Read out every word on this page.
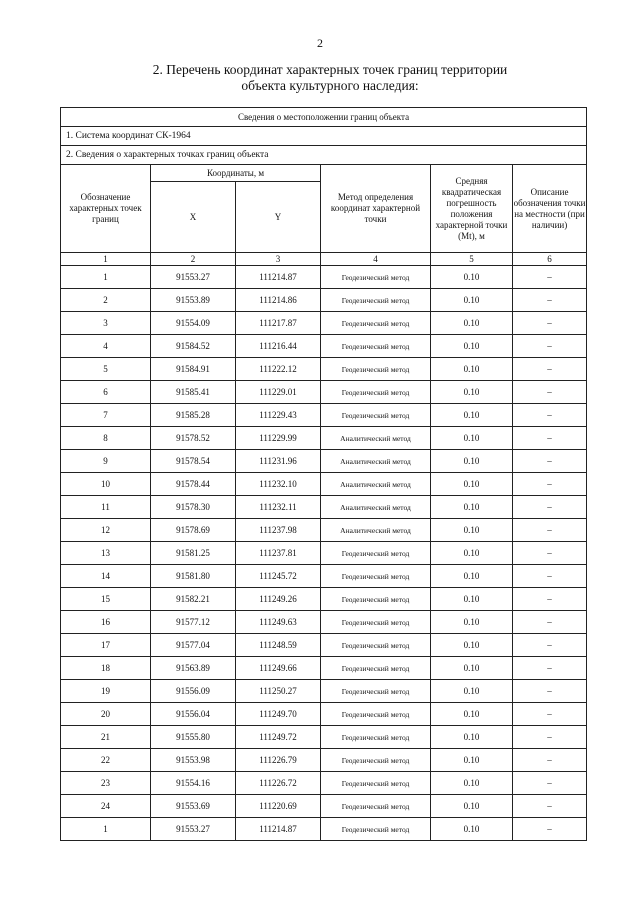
2
2. Перечень координат характерных точек границ территории
объекта культурного наследия:
Сведения о местоположении границ объекта					
1. Система координат СК-1964					
2. Сведения о характерных точках границ объекта					
Обозначение характерных точек границ	Координаты, м		Метод определения координат характерной точки	Средняя квадратическая погрешность положения характерной точки (Mt), м	Описание обозначения точки на местности (при наличии)
	X	Y			
1	2	3	4	5	6
1	91553.27	111214.87	Геодезический метод	0.10	–
2	91553.89	111214.86	Геодезический метод	0.10	–
3	91554.09	111217.87	Геодезический метод	0.10	–
4	91584.52	111216.44	Геодезический метод	0.10	–
5	91584.91	111222.12	Геодезический метод	0.10	–
6	91585.41	111229.01	Геодезический метод	0.10	–
7	91585.28	111229.43	Геодезический метод	0.10	–
8	91578.52	111229.99	Аналитический метод	0.10	–
9	91578.54	111231.96	Аналитический метод	0.10	–
10	91578.44	111232.10	Аналитический метод	0.10	–
11	91578.30	111232.11	Аналитический метод	0.10	–
12	91578.69	111237.98	Аналитический метод	0.10	–
13	91581.25	111237.81	Геодезический метод	0.10	–
14	91581.80	111245.72	Геодезический метод	0.10	–
15	91582.21	111249.26	Геодезический метод	0.10	–
16	91577.12	111249.63	Геодезический метод	0.10	–
17	91577.04	111248.59	Геодезический метод	0.10	–
18	91563.89	111249.66	Геодезический метод	0.10	–
19	91556.09	111250.27	Геодезический метод	0.10	–
20	91556.04	111249.70	Геодезический метод	0.10	–
21	91555.80	111249.72	Геодезический метод	0.10	–
22	91553.98	111226.79	Геодезический метод	0.10	–
23	91554.16	111226.72	Геодезический метод	0.10	–
24	91553.69	111220.69	Геодезический метод	0.10	–
1	91553.27	111214.87	Геодезический метод	0.10	–
